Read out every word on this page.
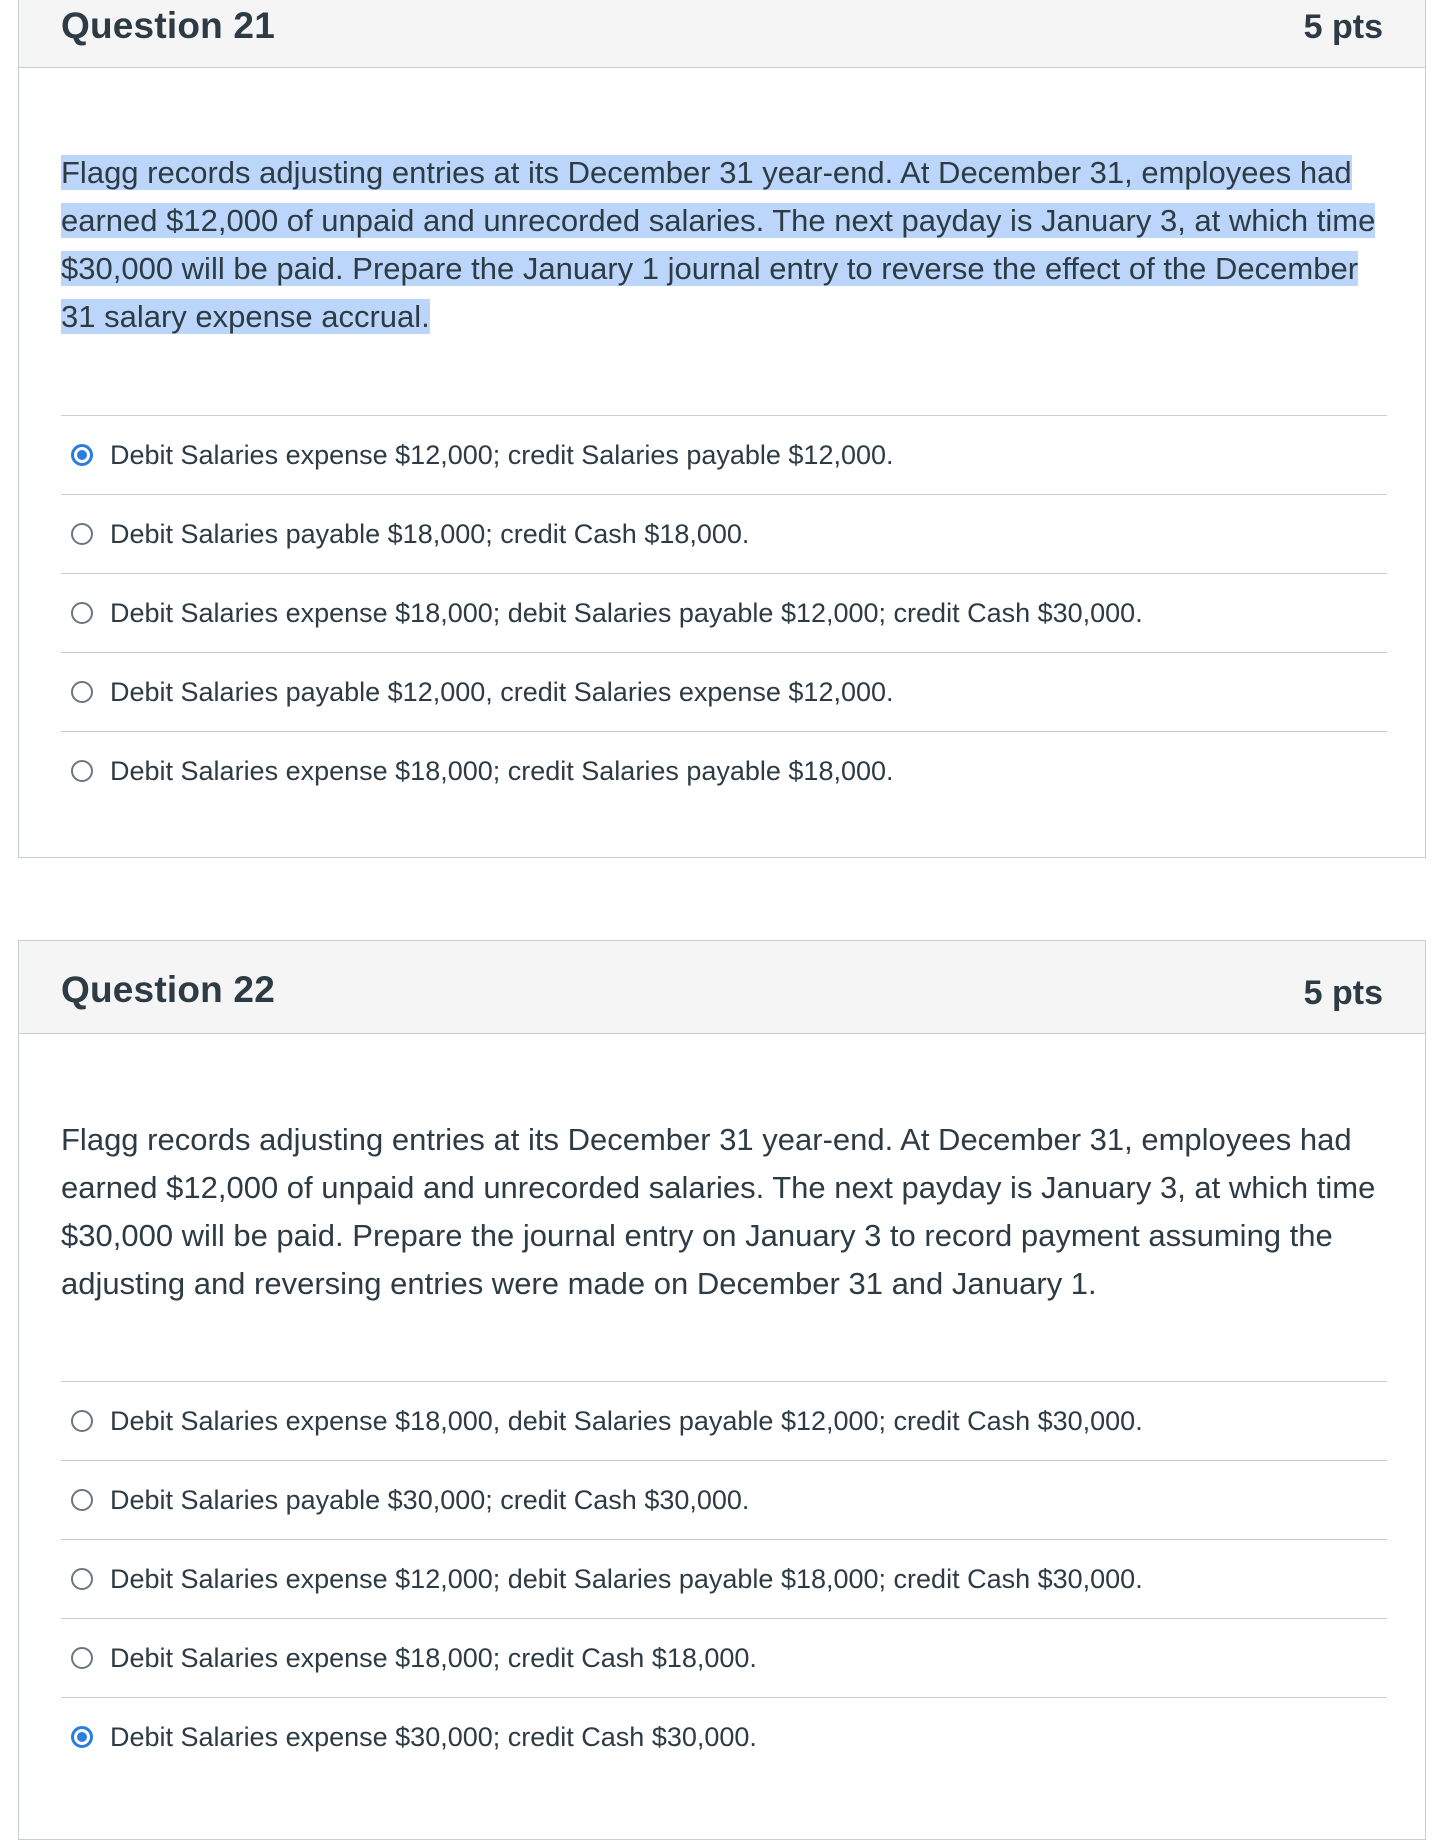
Question 21	5 pts
Flagg records adjusting entries at its December 31 year-end. At December 31, employees had earned $12,000 of unpaid and unrecorded salaries. The next payday is January 3, at which time $30,000 will be paid. Prepare the January 1 journal entry to reverse the effect of the December 31 salary expense accrual.
Debit Salaries expense $12,000; credit Salaries payable $12,000.
Debit Salaries payable $18,000; credit Cash $18,000.
Debit Salaries expense $18,000; debit Salaries payable $12,000; credit Cash $30,000.
Debit Salaries payable $12,000, credit Salaries expense $12,000.
Debit Salaries expense $18,000; credit Salaries payable $18,000.
Question 22	5 pts
Flagg records adjusting entries at its December 31 year-end. At December 31, employees had earned $12,000 of unpaid and unrecorded salaries. The next payday is January 3, at which time $30,000 will be paid. Prepare the journal entry on January 3 to record payment assuming the adjusting and reversing entries were made on December 31 and January 1.
Debit Salaries expense $18,000, debit Salaries payable $12,000; credit Cash $30,000.
Debit Salaries payable $30,000; credit Cash $30,000.
Debit Salaries expense $12,000; debit Salaries payable $18,000; credit Cash $30,000.
Debit Salaries expense $18,000; credit Cash $18,000.
Debit Salaries expense $30,000; credit Cash $30,000.
